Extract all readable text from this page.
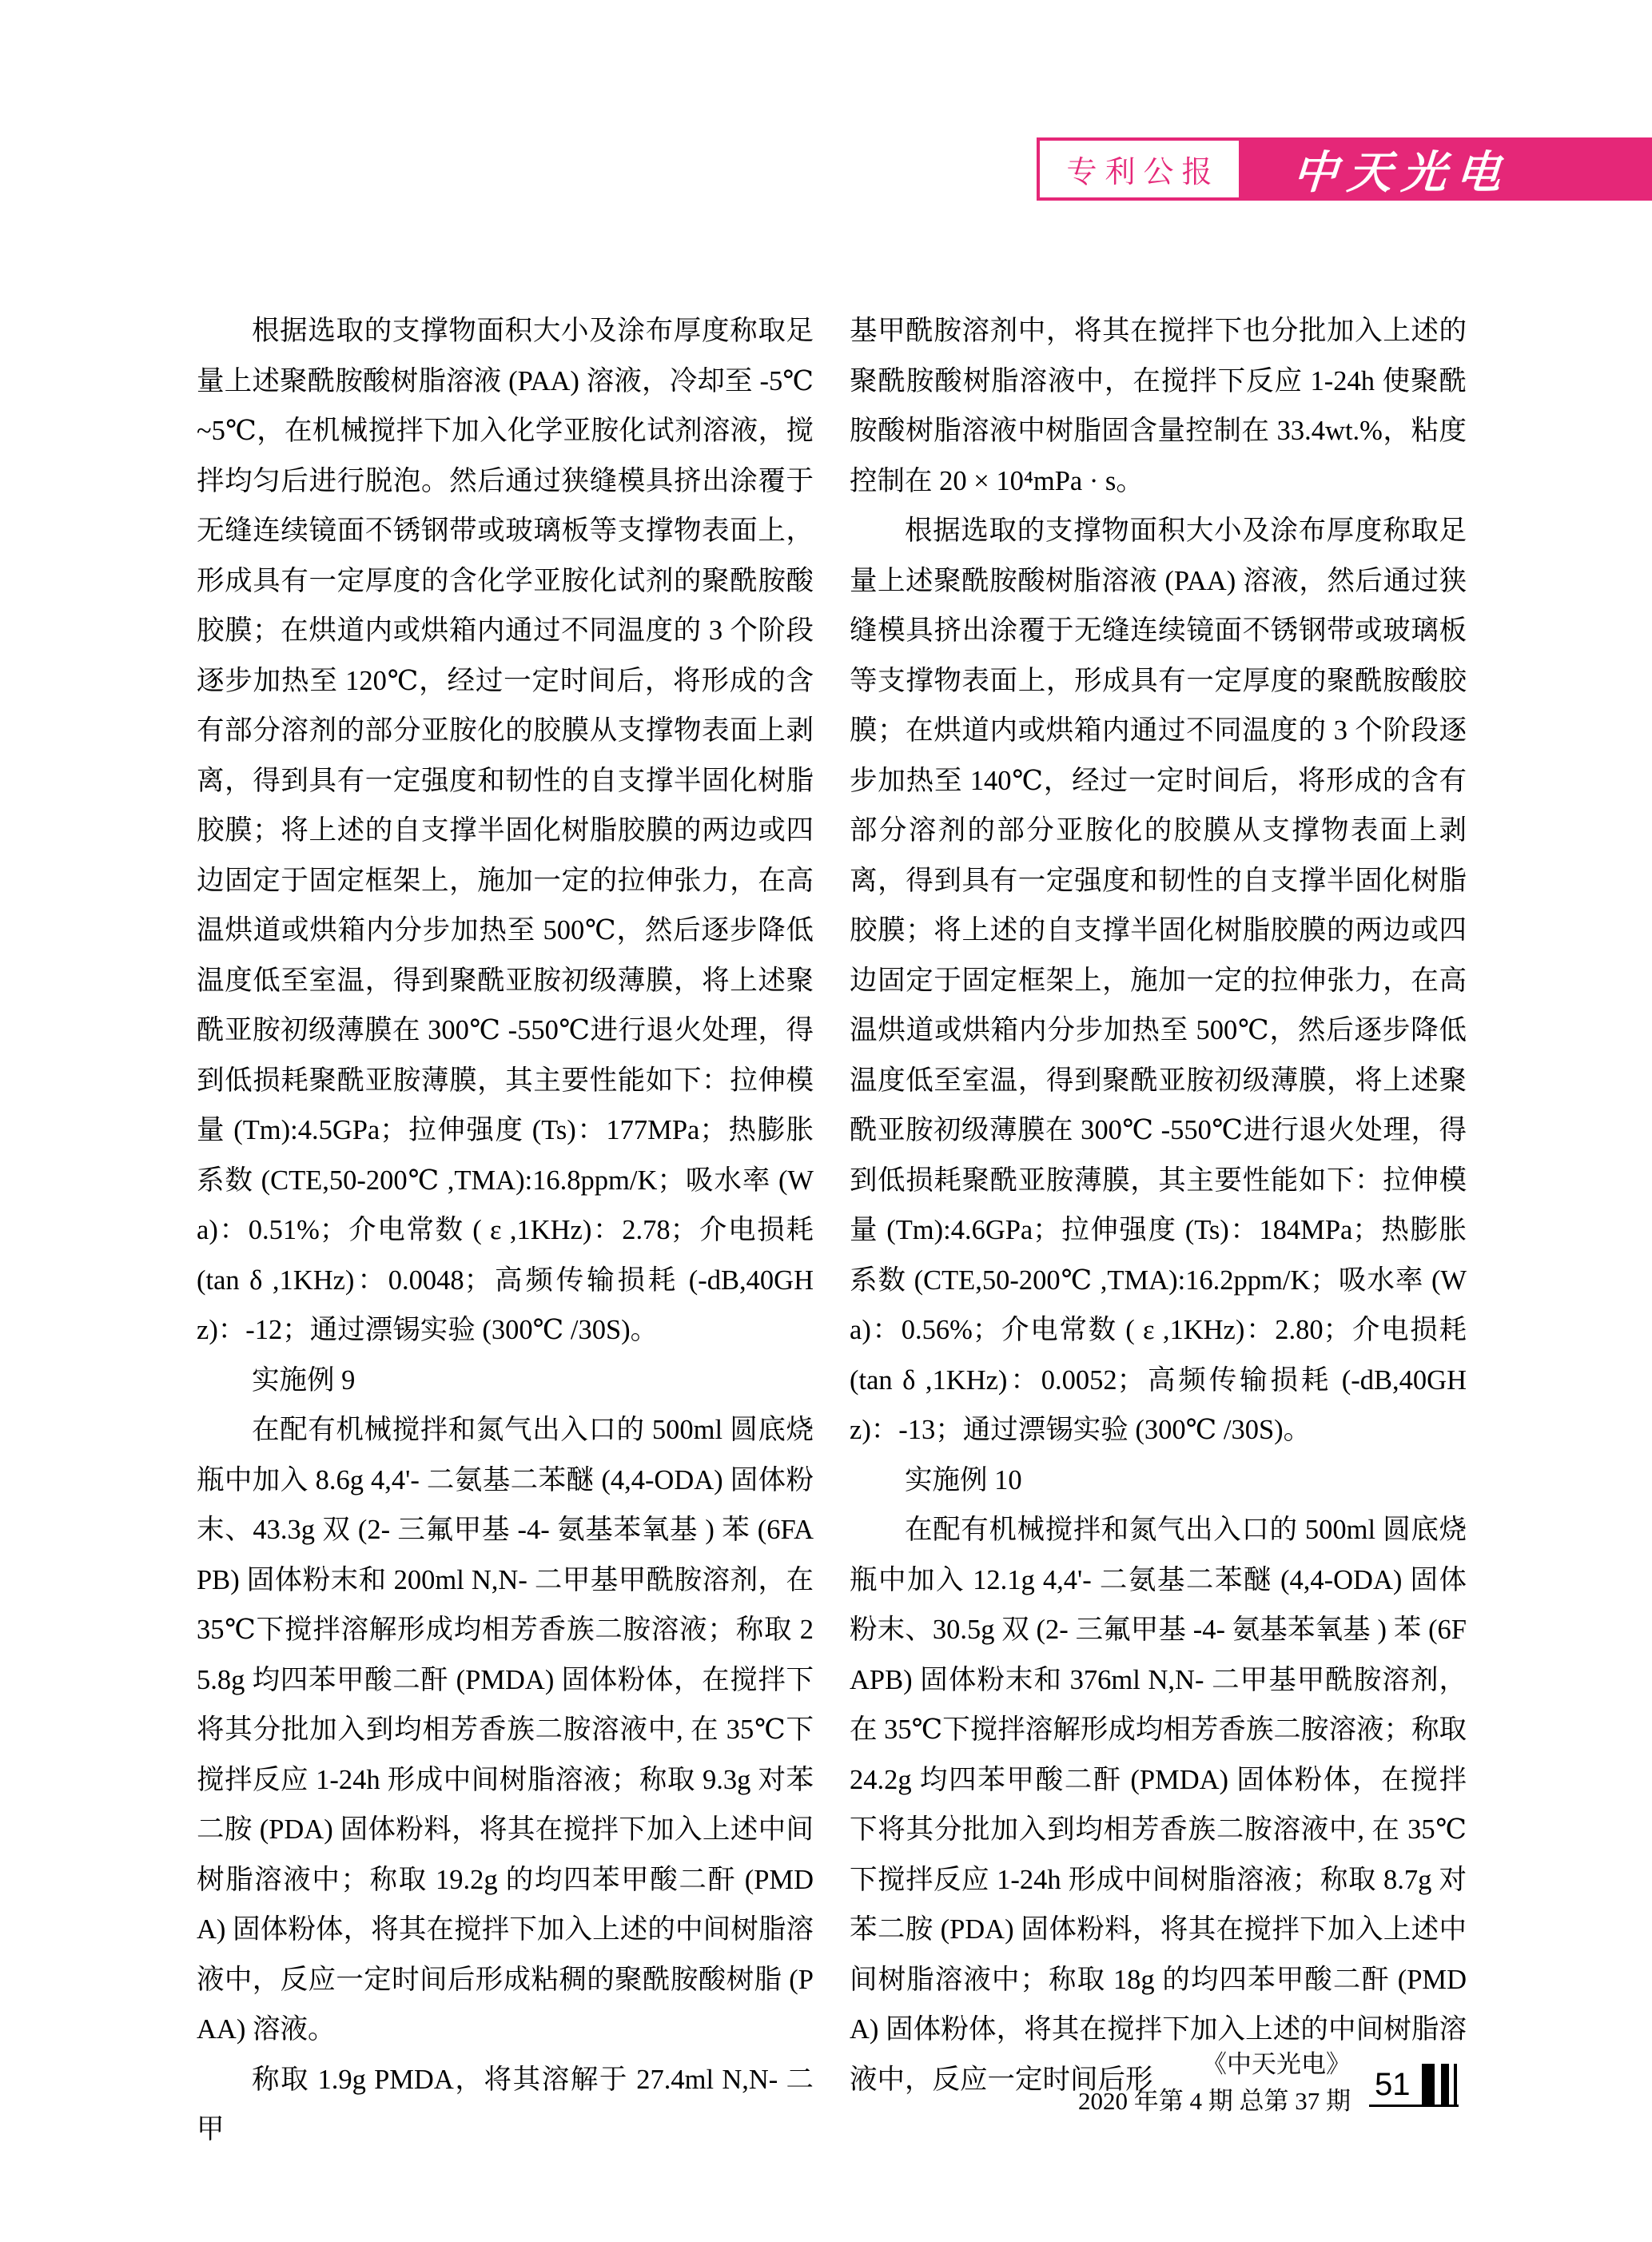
专利公报 中天光电

根据选取的支撑物面积大小及涂布厚度称取足量上述聚酰胺酸树脂溶液 (PAA) 溶液，冷却至 -5℃ ~5℃，在机械搅拌下加入化学亚胺化试剂溶液，搅拌均匀后进行脱泡。然后通过狭缝模具挤出涂覆于无缝连续镜面不锈钢带或玻璃板等支撑物表面上，形成具有一定厚度的含化学亚胺化试剂的聚酰胺酸胶膜；在烘道内或烘箱内通过不同温度的 3 个阶段逐步加热至 120℃，经过一定时间后，将形成的含有部分溶剂的部分亚胺化的胶膜从支撑物表面上剥离，得到具有一定强度和韧性的自支撑半固化树脂胶膜；将上述的自支撑半固化树脂胶膜的两边或四边固定于固定框架上，施加一定的拉伸张力，在高温烘道或烘箱内分步加热至 500℃，然后逐步降低温度低至室温，得到聚酰亚胺初级薄膜，将上述聚酰亚胺初级薄膜在 300℃ -550℃进行退火处理，得到低损耗聚酰亚胺薄膜，其主要性能如下：拉伸模量 (Tm):4.5GPa；拉伸强度 (Ts)：177MPa；热膨胀系数 (CTE,50-200℃ ,TMA):16.8ppm/K；吸水率 (Wa)：0.51%；介电常数 ( ε ,1KHz)：2.78；介电损耗 (tan δ ,1KHz)：0.0048；高频传输损耗 (-dB,40GHz)：-12；通过漂锡实验 (300℃ /30S)。

实施例 9

在配有机械搅拌和氮气出入口的 500ml 圆底烧瓶中加入 8.6g 4,4'- 二氨基二苯醚 (4,4-ODA) 固体粉末、43.3g 双 (2- 三氟甲基 -4- 氨基苯氧基 ) 苯 (6FAPB) 固体粉末和 200ml N,N- 二甲基甲酰胺溶剂，在 35℃下搅拌溶解形成均相芳香族二胺溶液；称取 25.8g 均四苯甲酸二酐 (PMDA) 固体粉体，在搅拌下将其分批加入到均相芳香族二胺溶液中, 在 35℃下搅拌反应 1-24h 形成中间树脂溶液；称取 9.3g 对苯二胺 (PDA) 固体粉料，将其在搅拌下加入上述中间树脂溶液中；称取 19.2g 的均四苯甲酸二酐 (PMDA) 固体粉体，将其在搅拌下加入上述的中间树脂溶液中，反应一定时间后形成粘稠的聚酰胺酸树脂 (PAA) 溶液。

称取 1.9g PMDA，将其溶解于 27.4ml N,N- 二甲

基甲酰胺溶剂中，将其在搅拌下也分批加入上述的聚酰胺酸树脂溶液中，在搅拌下反应 1-24h 使聚酰胺酸树脂溶液中树脂固含量控制在 33.4wt.%，粘度控制在 20 × 10⁴mPa · s。

根据选取的支撑物面积大小及涂布厚度称取足量上述聚酰胺酸树脂溶液 (PAA) 溶液，然后通过狭缝模具挤出涂覆于无缝连续镜面不锈钢带或玻璃板等支撑物表面上，形成具有一定厚度的聚酰胺酸胶膜；在烘道内或烘箱内通过不同温度的 3 个阶段逐步加热至 140℃，经过一定时间后，将形成的含有部分溶剂的部分亚胺化的胶膜从支撑物表面上剥离，得到具有一定强度和韧性的自支撑半固化树脂胶膜；将上述的自支撑半固化树脂胶膜的两边或四边固定于固定框架上，施加一定的拉伸张力，在高温烘道或烘箱内分步加热至 500℃，然后逐步降低温度低至室温，得到聚酰亚胺初级薄膜，将上述聚酰亚胺初级薄膜在 300℃ -550℃进行退火处理，得到低损耗聚酰亚胺薄膜，其主要性能如下：拉伸模量 (Tm):4.6GPa；拉伸强度 (Ts)：184MPa；热膨胀系数 (CTE,50-200℃ ,TMA):16.2ppm/K；吸水率 (Wa)：0.56%；介电常数 ( ε ,1KHz)：2.80；介电损耗 (tan δ ,1KHz)：0.0052；高频传输损耗 (-dB,40GHz)：-13；通过漂锡实验 (300℃ /30S)。

实施例 10

在配有机械搅拌和氮气出入口的 500ml 圆底烧瓶中加入 12.1g 4,4'- 二氨基二苯醚 (4,4-ODA) 固体粉末、30.5g 双 (2- 三氟甲基 -4- 氨基苯氧基 ) 苯 (6FAPB) 固体粉末和 376ml N,N- 二甲基甲酰胺溶剂，在 35℃下搅拌溶解形成均相芳香族二胺溶液；称取 24.2g 均四苯甲酸二酐 (PMDA) 固体粉体，在搅拌下将其分批加入到均相芳香族二胺溶液中, 在 35℃下搅拌反应 1-24h 形成中间树脂溶液；称取 8.7g 对苯二胺 (PDA) 固体粉料，将其在搅拌下加入上述中间树脂溶液中；称取 18g 的均四苯甲酸二酐 (PMDA) 固体粉体，将其在搅拌下加入上述的中间树脂溶液中，反应一定时间后形	《中天光电》
2020 年第 4 期 总第 37 期 51
